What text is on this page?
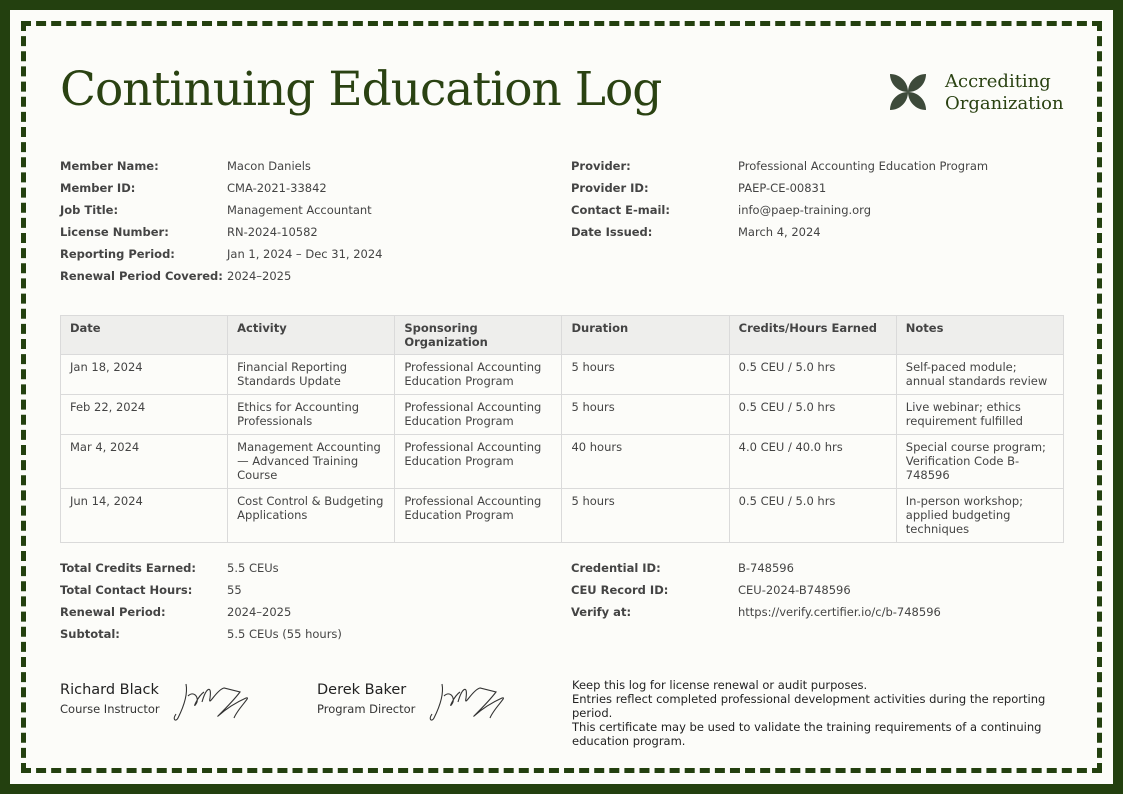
Continuing Education Log	Accrediting
Organization
Member Name:	Macon Daniels
Member ID:	CMA-2021-33842
Job Title:	Management Accountant
License Number:	RN-2024-10582
Reporting Period:	Jan 1, 2024 – Dec 31, 2024
Renewal Period Covered: 2024–2025
Provider:	Professional Accounting Education Program
Provider ID:	PAEP-CE-00831
Contact E-mail:	info@paep-training.org
Date Issued:	March 4, 2024
Date	Activity	Sponsoring Organization	Duration	Credits/Hours Earned	Notes
Jan 18, 2024	Financial Reporting Standards Update	Professional Accounting Education Program	5 hours	0.5 CEU / 5.0 hrs	Self-paced module; annual standards review
Feb 22, 2024	Ethics for Accounting Professionals	Professional Accounting Education Program	5 hours	0.5 CEU / 5.0 hrs	Live webinar; ethics requirement fulfilled
Mar 4, 2024	Management Accounting — Advanced Training Course	Professional Accounting Education Program	40 hours	4.0 CEU / 40.0 hrs	Special course program; Verification Code B-748596
Jun 14, 2024	Cost Control & Budgeting Applications	Professional Accounting Education Program	5 hours	0.5 CEU / 5.0 hrs	In-person workshop; applied budgeting techniques
Total Credits Earned:	5.5 CEUs
Total Contact Hours:	55
Renewal Period:	2024–2025
Subtotal:	5.5 CEUs (55 hours)
Credential ID:	B-748596
CEU Record ID:	CEU-2024-B748596
Verify at:	https://verify.certifier.io/c/b-748596
Richard Black
Course Instructor
Derek Baker
Program Director
Keep this log for license renewal or audit purposes.
Entries reflect completed professional development activities during the reporting period.
This certificate may be used to validate the training requirements of a continuing
education program.
